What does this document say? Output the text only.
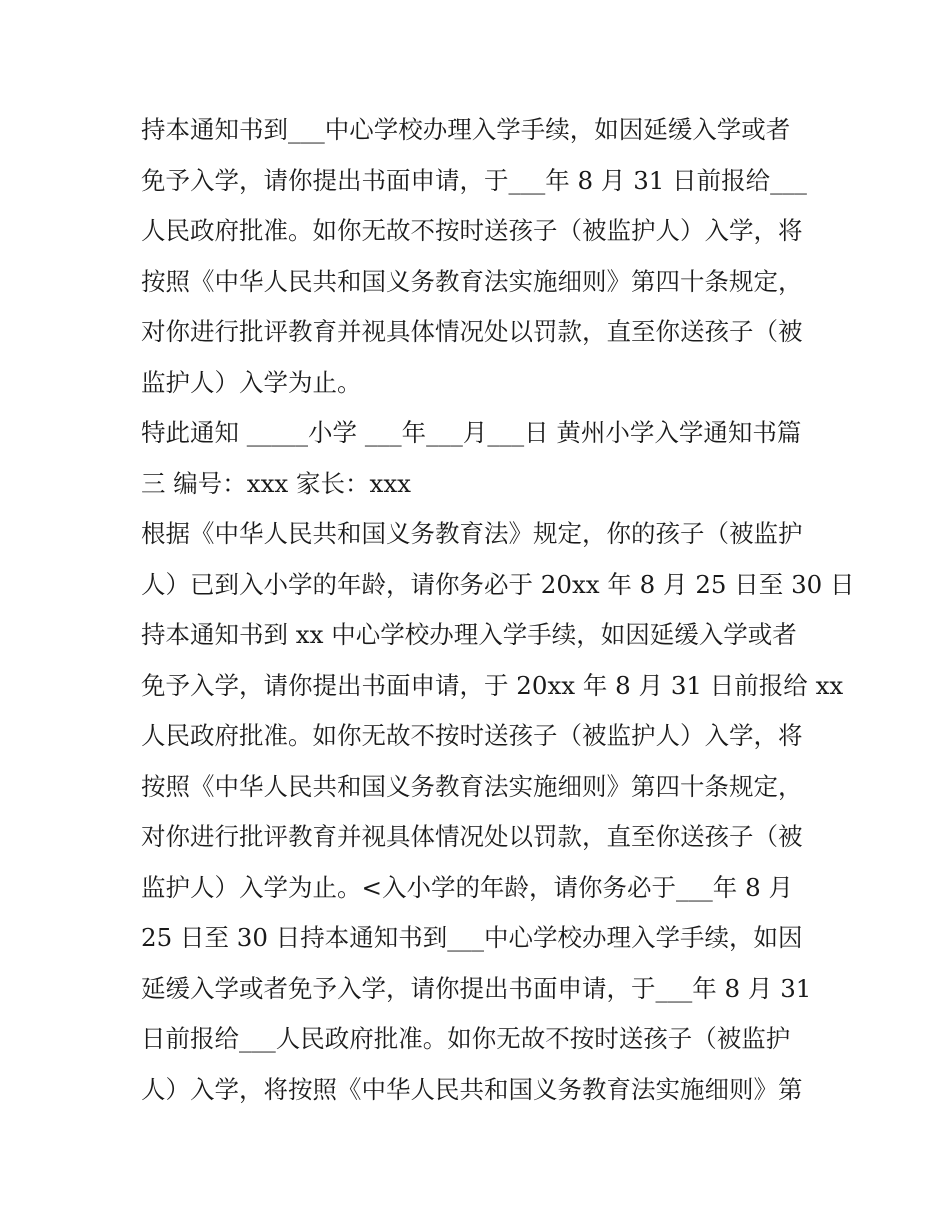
持本通知书到___中心学校办理入学手续，如因延缓入学或者
免予入学，请你提出书面申请，于___年 8 月 31 日前报给___
人民政府批准。如你无故不按时送孩子（被监护人）入学，将
按照《中华人民共和国义务教育法实施细则》第四十条规定，
对你进行批评教育并视具体情况处以罚款，直至你送孩子（被
监护人）入学为止。
特此通知 _____小学 ___年___月___日 黄州小学入学通知书篇
三 编号：xxx 家长：xxx
根据《中华人民共和国义务教育法》规定，你的孩子（被监护
人）已到入小学的年龄，请你务必于 20xx 年 8 月 25 日至 30 日
持本通知书到 xx 中心学校办理入学手续，如因延缓入学或者
免予入学，请你提出书面申请，于 20xx 年 8 月 31 日前报给 xx
人民政府批准。如你无故不按时送孩子（被监护人）入学，将
按照《中华人民共和国义务教育法实施细则》第四十条规定，
对你进行批评教育并视具体情况处以罚款，直至你送孩子（被
监护人）入学为止。<入小学的年龄，请你务必于___年 8 月
25 日至 30 日持本通知书到___中心学校办理入学手续，如因
延缓入学或者免予入学，请你提出书面申请，于___年 8 月 31
日前报给___人民政府批准。如你无故不按时送孩子（被监护
人）入学，将按照《中华人民共和国义务教育法实施细则》第
